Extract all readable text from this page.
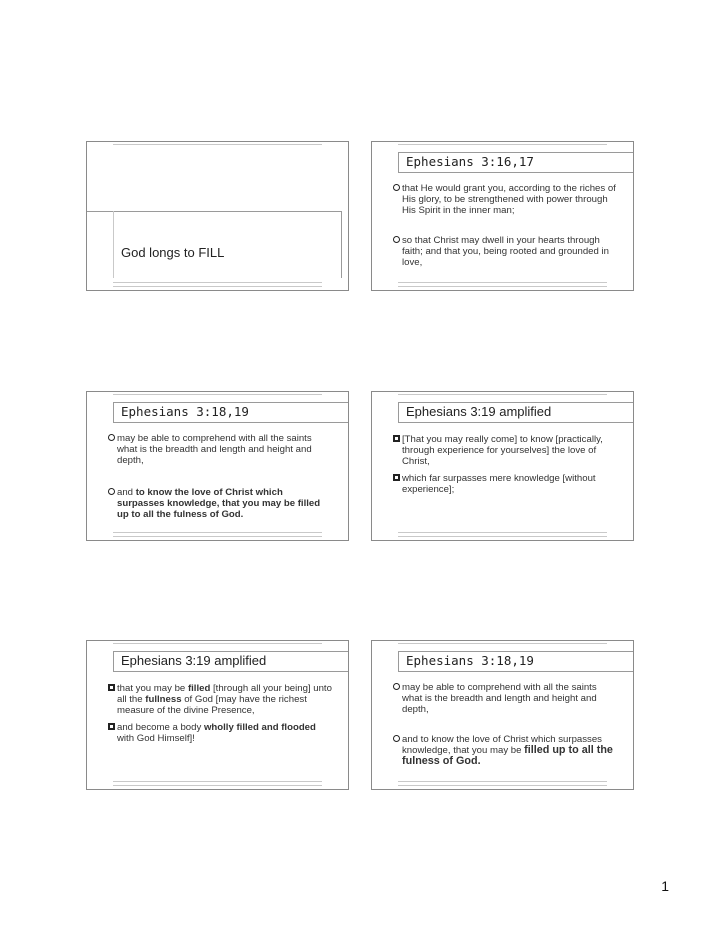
God longs to FILL
Ephesians 3:16,17
that He would grant you, according to the riches of His glory, to be strengthened with power through His Spirit in the inner man;
so that Christ may dwell in your hearts through faith; and that you, being rooted and grounded in love,
Ephesians 3:18,19
may be able to comprehend with all the saints what is the breadth and length and height and depth,
and to know the love of Christ which surpasses knowledge, that you may be filled up to all the fulness of God.
Ephesians 3:19 amplified
[That you may really come] to know [practically, through experience for yourselves] the love of Christ,
which far surpasses mere knowledge [without experience];
Ephesians 3:19 amplified
that you may be filled [through all your being] unto all the fullness of God [may have the richest measure of the divine Presence,
and become a body wholly filled and flooded with God Himself]!
Ephesians 3:18,19
may be able to comprehend with all the saints what is the breadth and length and height and depth,
and to know the love of Christ which surpasses knowledge, that you may be filled up to all the fulness of God.
1
